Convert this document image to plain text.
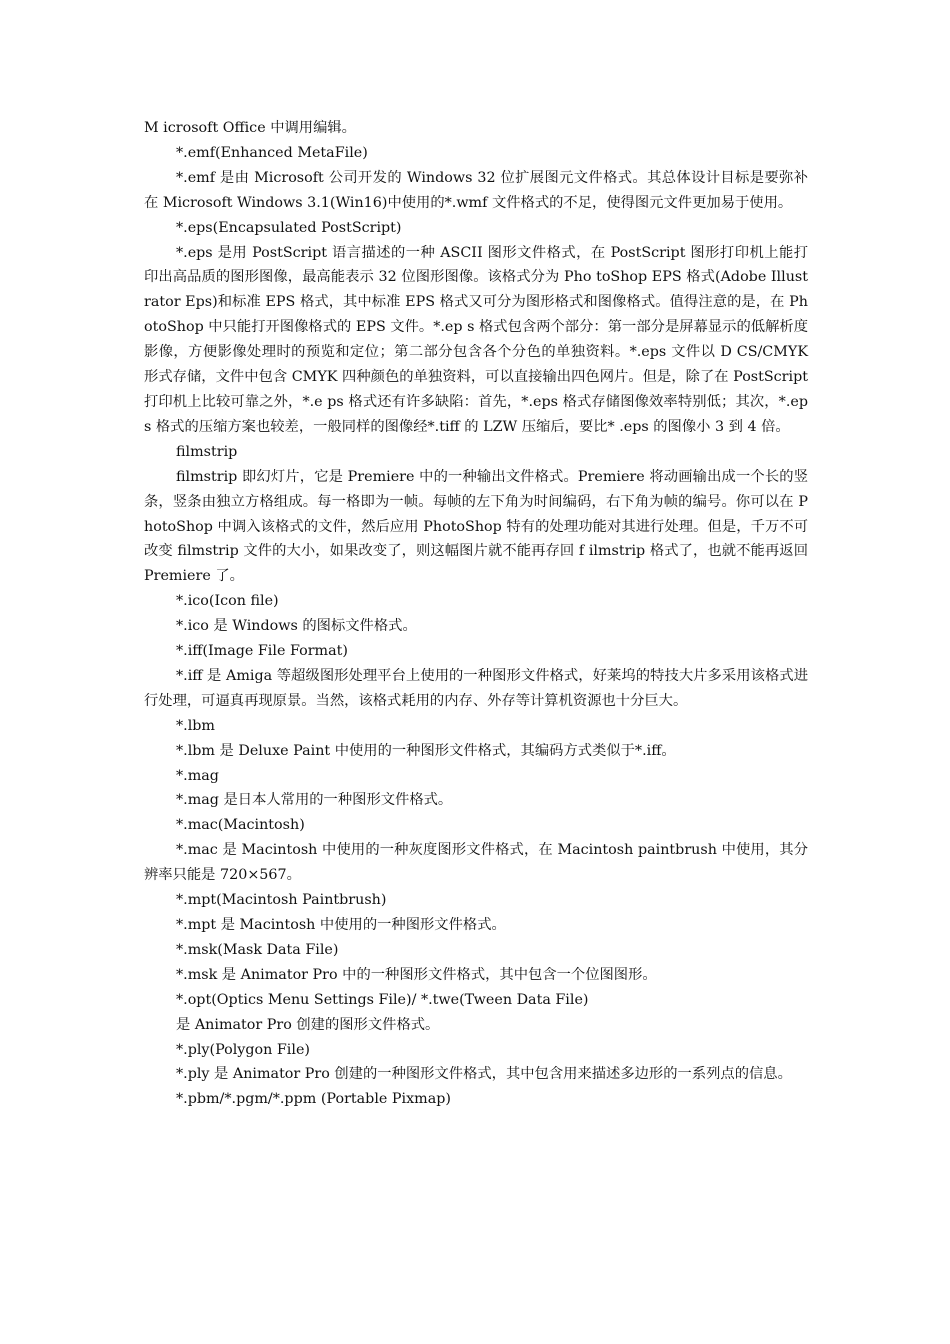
M icrosoft Office 中调用编辑。

*.emf(Enhanced MetaFile)

*.emf 是由 Microsoft 公司开发的 Windows 32 位扩展图元文件格式。其总体设计目标是要弥补在 Microsoft Windows 3.1(Win16)中使用的*.wmf 文件格式的不足，使得图元文件更加易于使用。

*.eps(Encapsulated PostScript)

*.eps 是用 PostScript 语言描述的一种 ASCII 图形文件格式，在 PostScript 图形打印机上能打印出高品质的图形图像，最高能表示 32 位图形图像。该格式分为 Pho toShop EPS 格式(Adobe Illustrator Eps)和标准 EPS 格式，其中标准 EPS 格式又可分为图形格式和图像格式。值得注意的是，在 PhotoShop 中只能打开图像格式的 EPS 文件。*.ep s 格式包含两个部分：第一部分是屏幕显示的低解析度影像，方便影像处理时的预览和定位；第二部分包含各个分色的单独资料。*.eps 文件以 D CS/CMYK 形式存储，文件中包含 CMYK 四种颜色的单独资料，可以直接输出四色网片。但是，除了在 PostScript 打印机上比较可靠之外，*.e ps 格式还有许多缺陷：首先，*.eps 格式存储图像效率特别低；其次，*.eps 格式的压缩方案也较差，一般同样的图像经*.tiff 的 LZW 压缩后，要比* .eps 的图像小 3 到 4 倍。

filmstrip

filmstrip 即幻灯片，它是 Premiere 中的一种输出文件格式。Premiere 将动画输出成一个长的竖条，竖条由独立方格组成。每一格即为一帧。每帧的左下角为时间编码，右下角为帧的编号。你可以在 P hotoShop 中调入该格式的文件，然后应用 PhotoShop 特有的处理功能对其进行处理。但是，千万不可改变 filmstrip 文件的大小，如果改变了，则这幅图片就不能再存回 f ilmstrip 格式了，也就不能再返回 Premiere 了。

*.ico(Icon file)

*.ico 是 Windows 的图标文件格式。

*.iff(Image File Format)

*.iff 是 Amiga 等超级图形处理平台上使用的一种图形文件格式，好莱坞的特技大片多采用该格式进行处理，可逼真再现原景。当然，该格式耗用的内存、外存等计算机资源也十分巨大。

*.lbm

*.lbm 是 Deluxe Paint 中使用的一种图形文件格式，其编码方式类似于*.iff。

*.mag

*.mag 是日本人常用的一种图形文件格式。

*.mac(Macintosh)

*.mac 是 Macintosh 中使用的一种灰度图形文件格式，在 Macintosh paintbrush 中使用，其分辨率只能是 720×567。

*.mpt(Macintosh Paintbrush)

*.mpt 是 Macintosh 中使用的一种图形文件格式。

*.msk(Mask Data File)

*.msk 是 Animator Pro 中的一种图形文件格式，其中包含一个位图图形。

*.opt(Optics Menu Settings File)/ *.twe(Tween Data File)

是 Animator Pro 创建的图形文件格式。

*.ply(Polygon File)

*.ply 是 Animator Pro 创建的一种图形文件格式，其中包含用来描述多边形的一系列点的信息。

*.pbm/*.pgm/*.ppm (Portable Pixmap)
